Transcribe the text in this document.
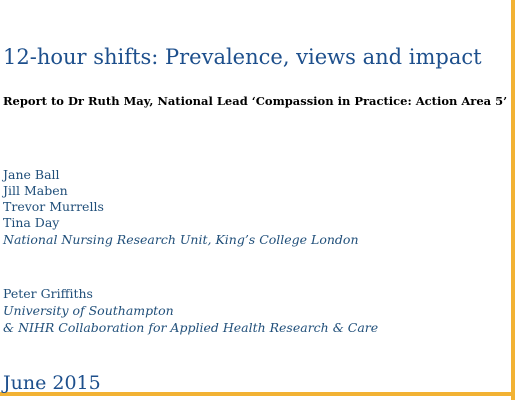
12-hour shifts: Prevalence, views and impact

Report to Dr Ruth May, National Lead ‘Compassion in Practice: Action Area 5’

Jane Ball

Jill Maben

Trevor Murrells

Tina Day

National Nursing Research Unit, King’s College London

Peter Griffiths

University of Southampton

& NIHR Collaboration for Applied Health Research & Care

June 2015
